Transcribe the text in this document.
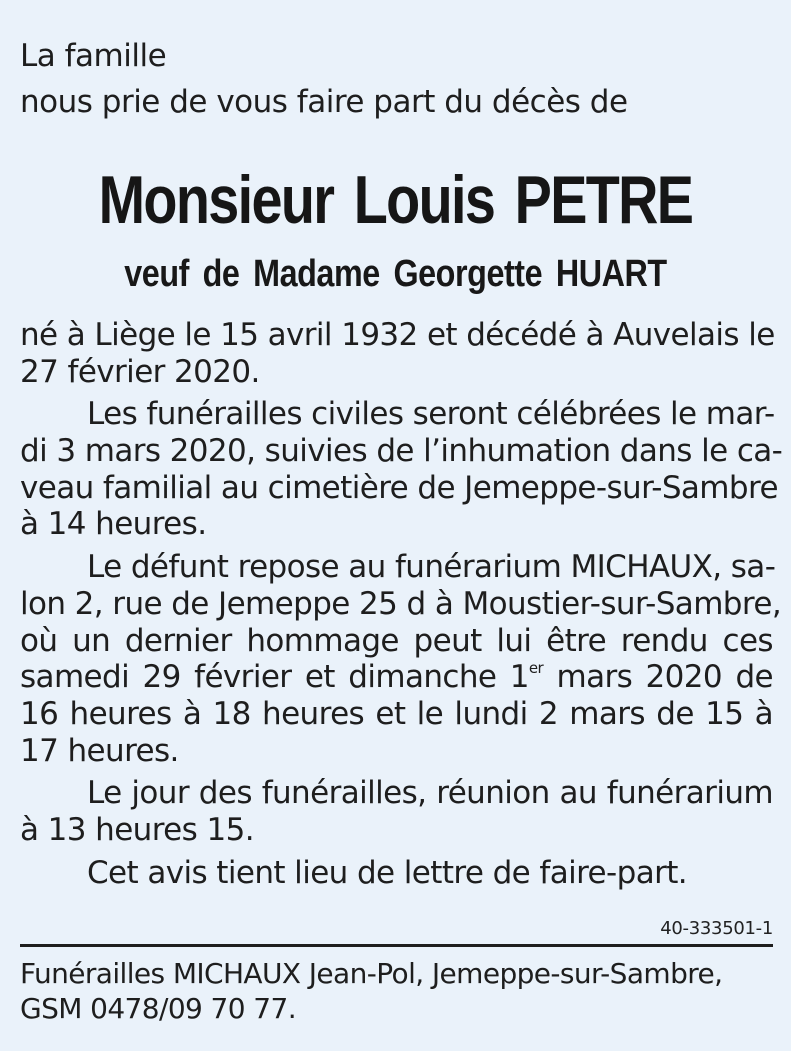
La famille
nous prie de vous faire part du décès de
Monsieur Louis PETRE
veuf de Madame Georgette HUART
né à Liège le 15 avril 1932 et décédé à Auvelais le
27 février 2020.
Les funérailles civiles seront célébrées le mar-
di 3 mars 2020, suivies de l’inhumation dans le ca-
veau familial au cimetière de Jemeppe-sur-Sambre
à 14 heures.
Le défunt repose au funérarium MICHAUX, sa-
lon 2, rue de Jemeppe 25 d à Moustier-sur-Sambre,
où un dernier hommage peut lui être rendu ces
samedi 29 février et dimanche 1er mars 2020 de
16 heures à 18 heures et le lundi 2 mars de 15 à
17 heures.
Le jour des funérailles, réunion au funérarium
à 13 heures 15.
Cet avis tient lieu de lettre de faire-part.
40-333501-1
Funérailles MICHAUX Jean-Pol, Jemeppe-sur-Sambre,
GSM 0478/09 70 77.
